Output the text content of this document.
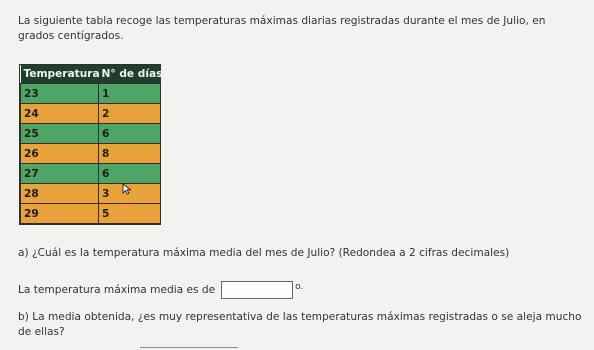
La siguiente tabla recoge las temperaturas máximas diarias registradas durante el mes de Julio, en grados centígrados.
Temperatura	N° de días
23	1
24	2
25	6
26	8
27	6
28	3
29	5
a) ¿Cuál es la temperatura máxima media del mes de Julio? (Redondea a 2 cifras decimales)
La temperatura máxima media es de	o.
b) La media obtenida, ¿es muy representativa de las temperaturas máximas registradas o se aleja mucho de ellas?
